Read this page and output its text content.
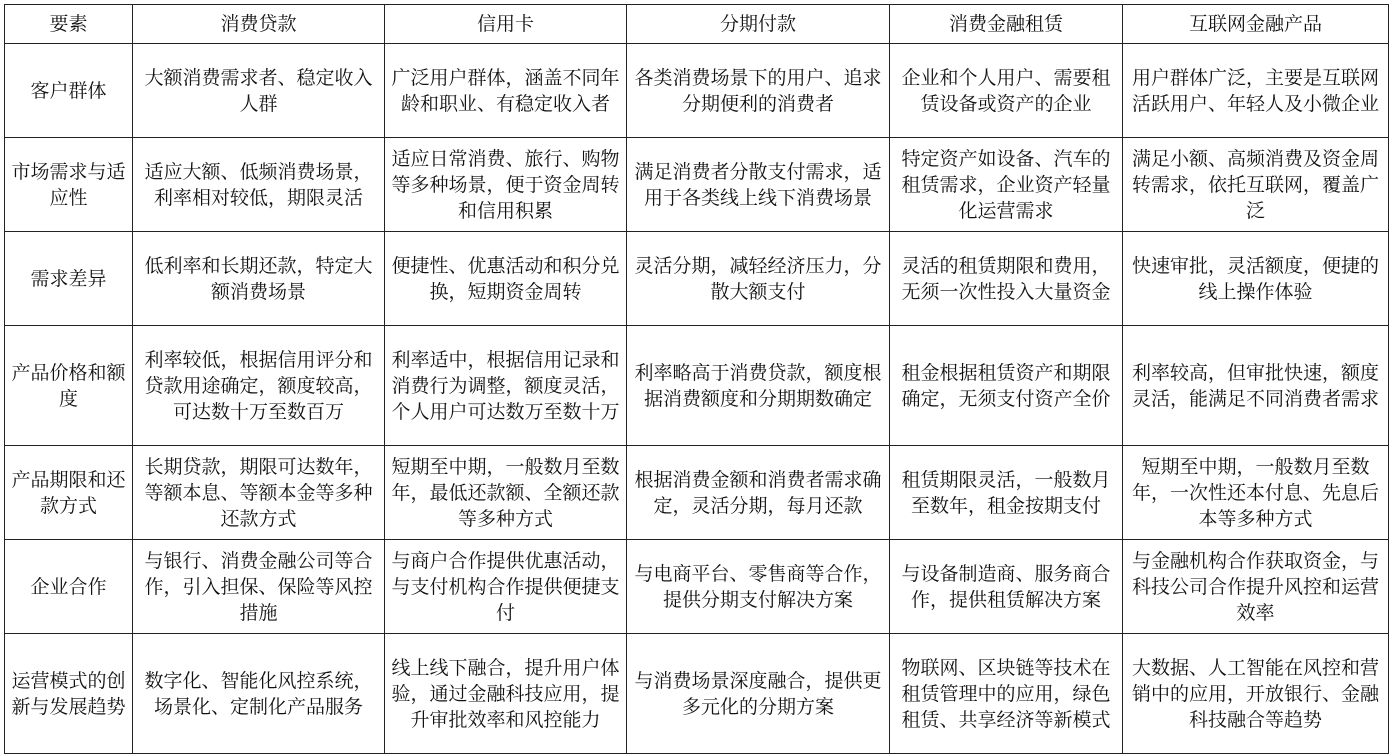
要素	消费贷款	信用卡	分期付款	消费金融租赁	互联网金融产品
客户群体	大额消费需求者、稳定收入人群	广泛用户群体，涵盖不同年龄和职业、有稳定收入者	各类消费场景下的用户、追求分期便利的消费者	企业和个人用户、需要租赁设备或资产的企业	用户群体广泛，主要是互联网活跃用户、年轻人及小微企业
市场需求与适应性	适应大额、低频消费场景，利率相对较低，期限灵活	适应日常消费、旅行、购物等多种场景，便于资金周转和信用积累	满足消费者分散支付需求，适用于各类线上线下消费场景	特定资产如设备、汽车的租赁需求，企业资产轻量化运营需求	满足小额、高频消费及资金周转需求，依托互联网，覆盖广泛
需求差异	低利率和长期还款，特定大额消费场景	便捷性、优惠活动和积分兑换，短期资金周转	灵活分期，减轻经济压力，分散大额支付	灵活的租赁期限和费用，无须一次性投入大量资金	快速审批，灵活额度，便捷的线上操作体验
产品价格和额度	利率较低，根据信用评分和贷款用途确定，额度较高，可达数十万至数百万	利率适中，根据信用记录和消费行为调整，额度灵活，个人用户可达数万至数十万	利率略高于消费贷款，额度根据消费额度和分期期数确定	租金根据租赁资产和期限确定，无须支付资产全价	利率较高，但审批快速，额度灵活，能满足不同消费者需求
产品期限和还款方式	长期贷款，期限可达数年，等额本息、等额本金等多种还款方式	短期至中期，一般数月至数年，最低还款额、全额还款等多种方式	根据消费金额和消费者需求确定，灵活分期，每月还款	租赁期限灵活，一般数月至数年，租金按期支付	短期至中期，一般数月至数年，一次性还本付息、先息后本等多种方式
企业合作	与银行、消费金融公司等合作，引入担保、保险等风控措施	与商户合作提供优惠活动，与支付机构合作提供便捷支付	与电商平台、零售商等合作，提供分期支付解决方案	与设备制造商、服务商合作，提供租赁解决方案	与金融机构合作获取资金，与科技公司合作提升风控和运营效率
运营模式的创新与发展趋势	数字化、智能化风控系统，场景化、定制化产品服务	线上线下融合，提升用户体验，通过金融科技应用，提升审批效率和风控能力	与消费场景深度融合，提供更多元化的分期方案	物联网、区块链等技术在租赁管理中的应用，绿色租赁、共享经济等新模式	大数据、人工智能在风控和营销中的应用，开放银行、金融科技融合等趋势
